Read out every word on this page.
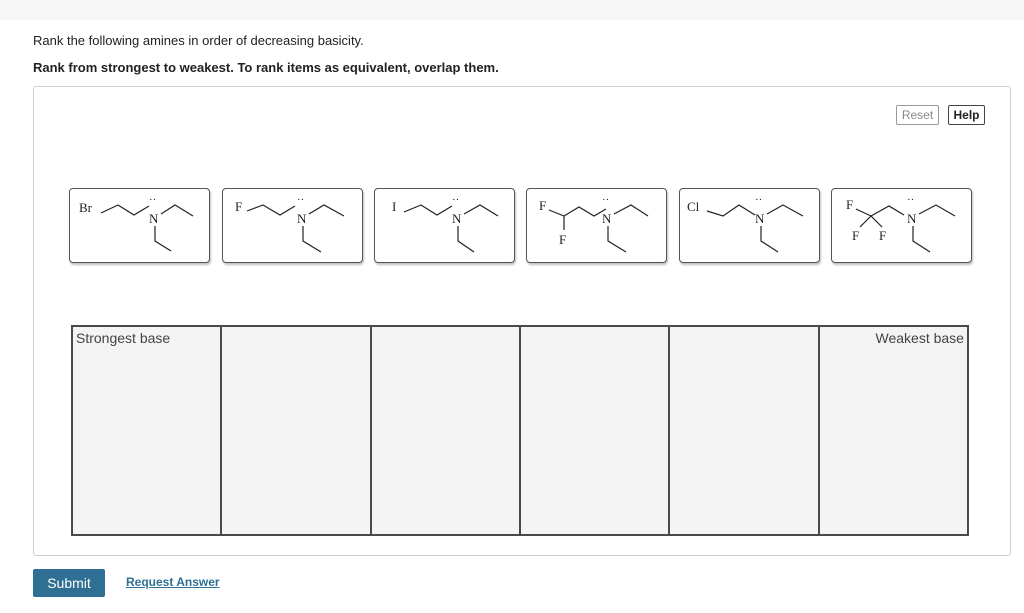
Rank the following amines in order of decreasing basicity.
Rank from strongest to weakest. To rank items as equivalent, overlap them.
Reset	Help
Br	··
N
F	··
N
I	··
N
F
F
··
N
Cl	··
N
F
F F
··
N
Strongest base	Weakest base
Submit	Request Answer
